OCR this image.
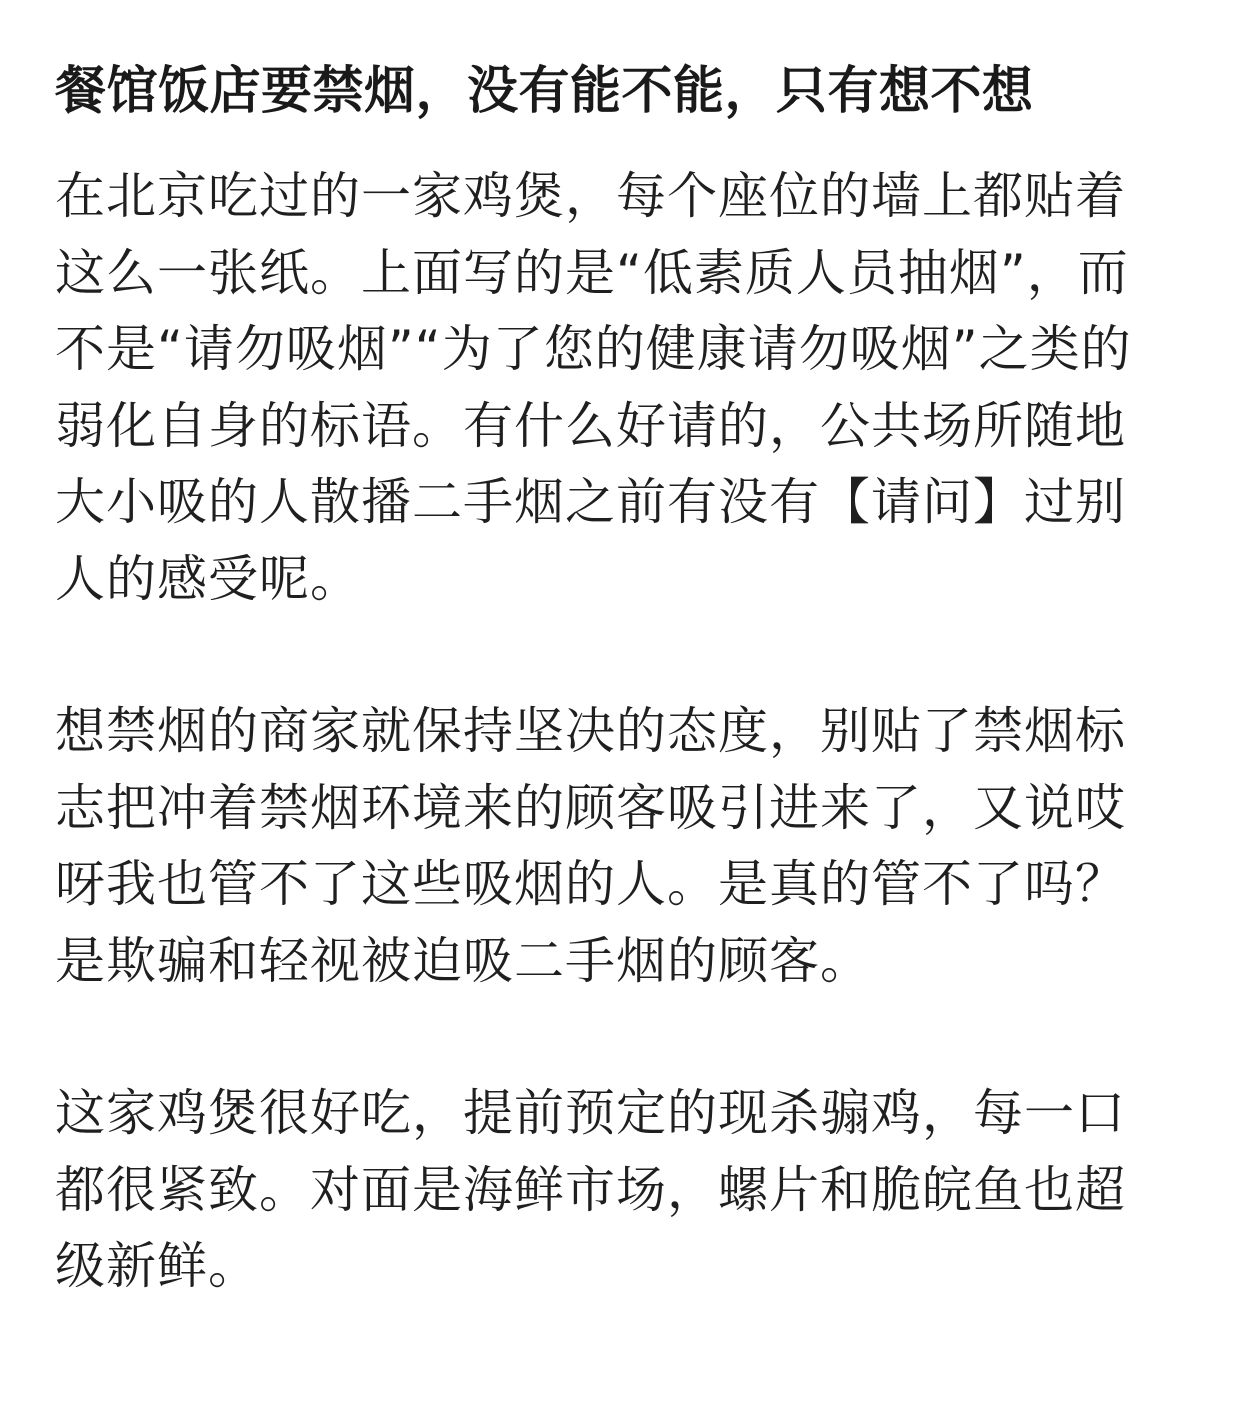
餐馆饭店要禁烟，没有能不能，只有想不想

在北京吃过的一家鸡煲，每个座位的墙上都贴着这么一张纸。上面写的是“低素质人员抽烟”，而不是“请勿吸烟”“为了您的健康请勿吸烟”之类的弱化自身的标语。有什么好请的，公共场所随地大小吸的人散播二手烟之前有没有【请问】过别人的感受呢。

想禁烟的商家就保持坚决的态度，别贴了禁烟标志把冲着禁烟环境来的顾客吸引进来了，又说哎呀我也管不了这些吸烟的人。是真的管不了吗？是欺骗和轻视被迫吸二手烟的顾客。

这家鸡煲很好吃，提前预定的现杀骟鸡，每一口都很紧致。对面是海鲜市场，螺片和脆皖鱼也超级新鲜。
